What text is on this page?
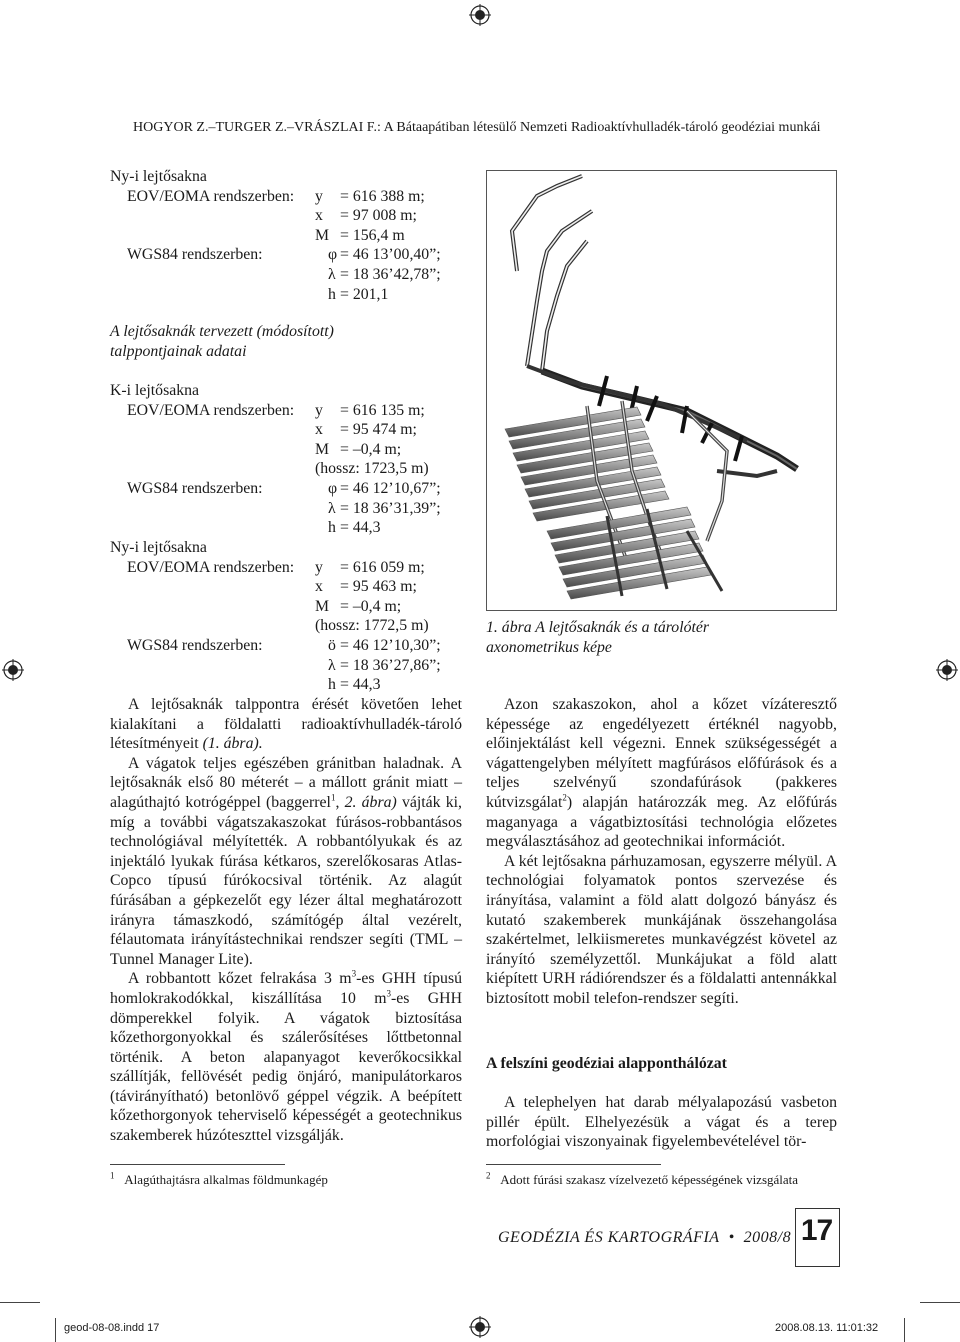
HOGYOR Z.–TURGER Z.–VRÁSZLAI F.: A Bátaapátiban létesülő Nemzeti Radioaktívhulladék-tároló geodéziai munkái
Ny-i lejtősakna
EOV/EOMA rendszerben: y = 616 388 m;
x = 97 008 m;
M = 156,4 m
WGS84 rendszerben:	φ = 46 13’00,40”;
λ = 18 36’42,78”;
h = 201,1
A lejtősaknák tervezett (módosított) talppontjainak adatai
K-i lejtősakna
EOV/EOMA rendszerben: y = 616 135 m;
x = 95 474 m;
M = –0,4 m;
(hossz: 1723,5 m)
WGS84 rendszerben:	φ = 46 12’10,67”;
λ = 18 36’31,39”;
h = 44,3
Ny-i lejtősakna
EOV/EOMA rendszerben: y = 616 059 m;
x = 95 463 m;
M = –0,4 m;
(hossz: 1772,5 m)
WGS84 rendszerben:	ö = 46 12’10,30”;
λ = 18 36’27,86”;
h = 44,3

A lejtősaknák talppontra érését követően lehet kialakítani a földalatti radioaktívhulladék-tároló létesítményeit (1. ábra).

A vágatok teljes egészében gránitban haladnak. A lejtősaknák első 80 méterét – a mállott gránit miatt – alagúthajtó kotrógéppel (baggerrel$^1$, 2. ábra) vájták ki, míg a további vágatszakaszokat fúrásos-robbantásos technológiával mélyítették. A robbantólyukak és az injektáló lyukak fúrása kétkaros, szerelőkosaras Atlas-Copco típusú fúrókocsival történik. Az alagút fúrásában a gépkezelőt egy lézer által meghatározott irányra támaszkodó, számítógép által vezérelt, félautomata irányítástechnikai rendszer segíti (TML – Tunnel Manager Lite).

A robbantott kőzet felrakása 3 $m^3-es$ GHH típusú homlokrakodókkal, kiszállítása 10 $m^3-es$ GHH dömperekkel folyik. A vágatok biztosítása kőzethorgonyokkal és szálerősítéses lőttbetonnal történik. A beton alapanyagot keverőkocsikkal szállítják, fellövését pedig önjáró, manipulátorkaros (távirányítható) betonlövő géppel végzik. A beépített kőzethorgonyok teherviselő képességét a geotechnikus szakemberek húzóteszttel vizsgálják.

$^1$ Alagúthajtásra alkalmas földmunkagép
1. ábra A lejtősaknák és a tárolótér axonometrikus képe

Azon szakaszokon, ahol a kőzet vízáteresztő képessége az engedélyezett értéknél nagyobb, előinjektálást kell végezni. Ennek szükségességét a vágattengelyben mélyített magfúrásos előfúrások és a teljes szelvényű szondafúrások (pakkeres kútvizsgálat$^2$) alapján határozzák meg. Az előfúrás maganyaga a vágatbiztosítási technológia előzetes megválasztásához ad geotechnikai információt.

A két lejtősakna párhuzamosan, egyszerre mélyül. A technológiai folyamatok pontos szervezése és irányítása, valamint a föld alatt dolgozó bányász és kutató szakemberek munkájának összehangolása szakértelmet, lelkiismeretes munkavégzést követel az irányító személyzettől. Munkájukat a föld alatt kiépített URH rádiórendszer és a földalatti antennákkal biztosított mobil telefon-rendszer segíti.

A felszíni geodéziai alapponthálózat

A telephelyen hat darab mélyalapozású vasbeton pillér épült. Elhelyezésük a vágat és a terep morfológiai viszonyainak figyelembevételével tör-

$^2$ Adott fúrási szakasz vízelvezető képességének vizsgálata
GEODÉZIA ÉS KARTOGRÁFIA • 2008/8 17
geod-08-08.indd 17	2008.08.13. 11:01:32
